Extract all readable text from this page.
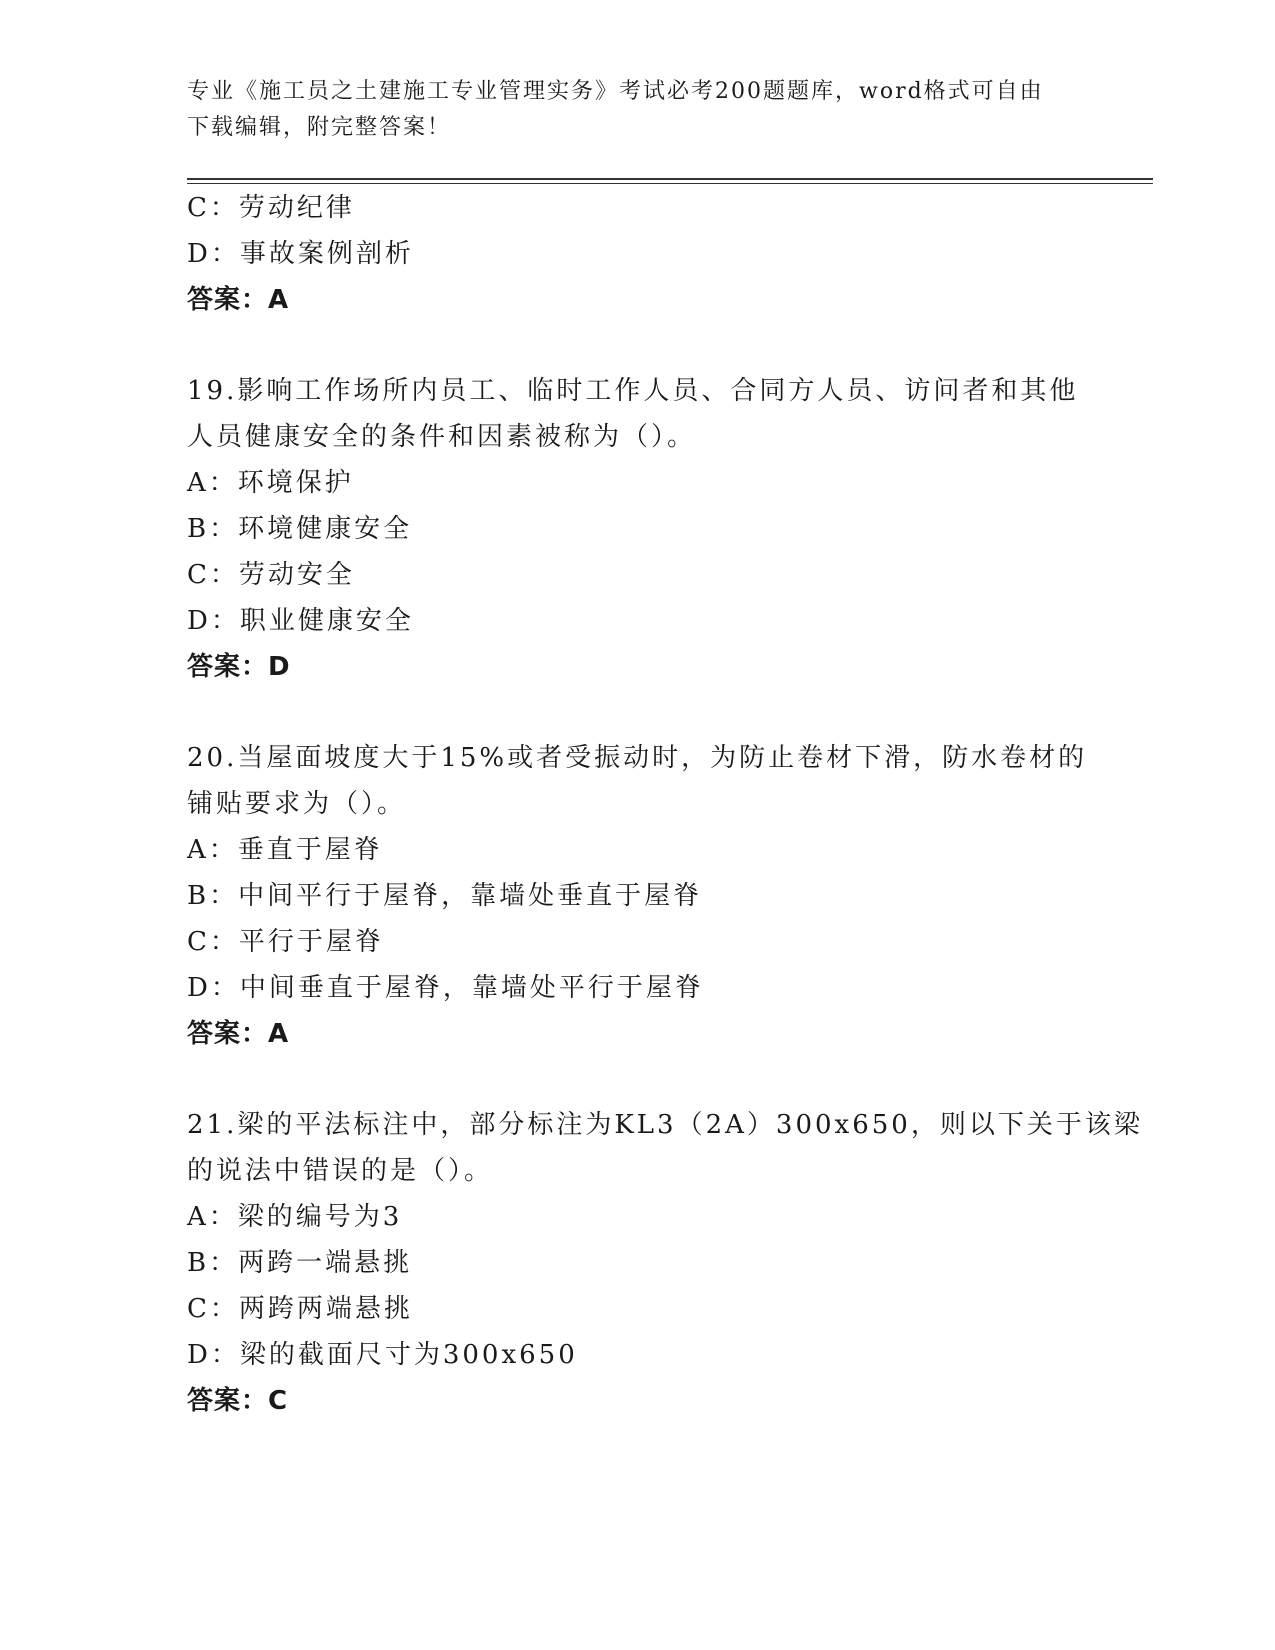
专业《施工员之土建施工专业管理实务》考试必考200题题库，word格式可自由
下载编辑，附完整答案！
C：劳动纪律
D：事故案例剖析
答案：A
19.影响工作场所内员工、临时工作人员、合同方人员、访问者和其他
人员健康安全的条件和因素被称为（）。
A：环境保护
B：环境健康安全
C：劳动安全
D：职业健康安全
答案：D
20.当屋面坡度大于15%或者受振动时，为防止卷材下滑，防水卷材的
铺贴要求为（）。
A：垂直于屋脊
B：中间平行于屋脊，靠墙处垂直于屋脊
C：平行于屋脊
D：中间垂直于屋脊，靠墙处平行于屋脊
答案：A
21.梁的平法标注中，部分标注为KL3（2A）300x650，则以下关于该梁
的说法中错误的是（）。
A：梁的编号为3
B：两跨一端悬挑
C：两跨两端悬挑
D：梁的截面尺寸为300x650
答案：C
